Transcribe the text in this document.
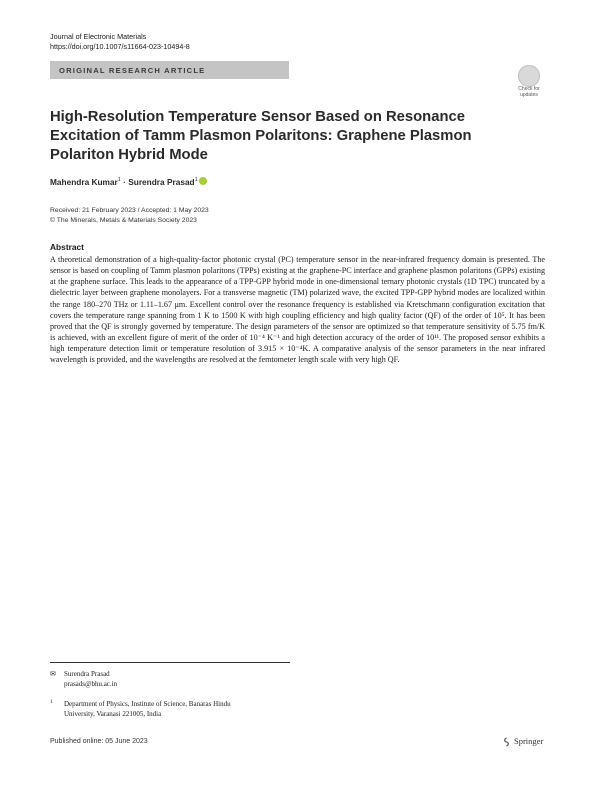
Journal of Electronic Materials
https://doi.org/10.1007/s11664-023-10494-8
ORIGINAL RESEARCH ARTICLE
Check for
updates
High-Resolution Temperature Sensor Based on Resonance Excitation of Tamm Plasmon Polaritons: Graphene Plasmon Polariton Hybrid Mode
Mahendra Kumar$^1$ · Surendra Prasad$^1$
Received: 21 February 2023 / Accepted: 1 May 2023
© The Minerals, Metals & Materials Society 2023
Abstract
A theoretical demonstration of a high-quality-factor photonic crystal (PC) temperature sensor in the near-infrared frequency domain is presented. The sensor is based on coupling of Tamm plasmon polaritons (TPPs) existing at the graphene-PC interface and graphene plasmon polaritons (GPPs) existing at the graphene surface. This leads to the appearance of a TPP-GPP hybrid mode in one-dimensional ternary photonic crystals (1D TPC) truncated by a dielectric layer between graphene monolayers. For a transverse magnetic (TM) polarized wave, the excited TPP-GPP hybrid modes are localized within the range 180–270 THz or 1.11–1.67 μm. Excellent control over the resonance frequency is established via Kretschmann configuration excitation that covers the temperature range spanning from 1 K to 1500 K with high coupling efficiency and high quality factor (QF) of the order of 10⁵. It has been proved that the QF is strongly governed by temperature. The design parameters of the sensor are optimized so that temperature sensitivity of 5.75 fm/K is achieved, with an excellent figure of merit of the order of 10⁻⁴ K⁻¹ and high detection accuracy of the order of 10¹¹. The proposed sensor exhibits a high temperature detection limit or temperature resolution of 3.915 × 10⁻⁴K. A comparative analysis of the sensor parameters in the near infrared wavelength is provided, and the wavelengths are resolved at the femtometer length scale with very high QF.
✉ Surendra Prasad
prasads@bhu.ac.in
1 Department of Physics, Institute of Science, Banaras Hindu
University, Varanasi 221005, India
Published online: 05 June 2023	Springer
